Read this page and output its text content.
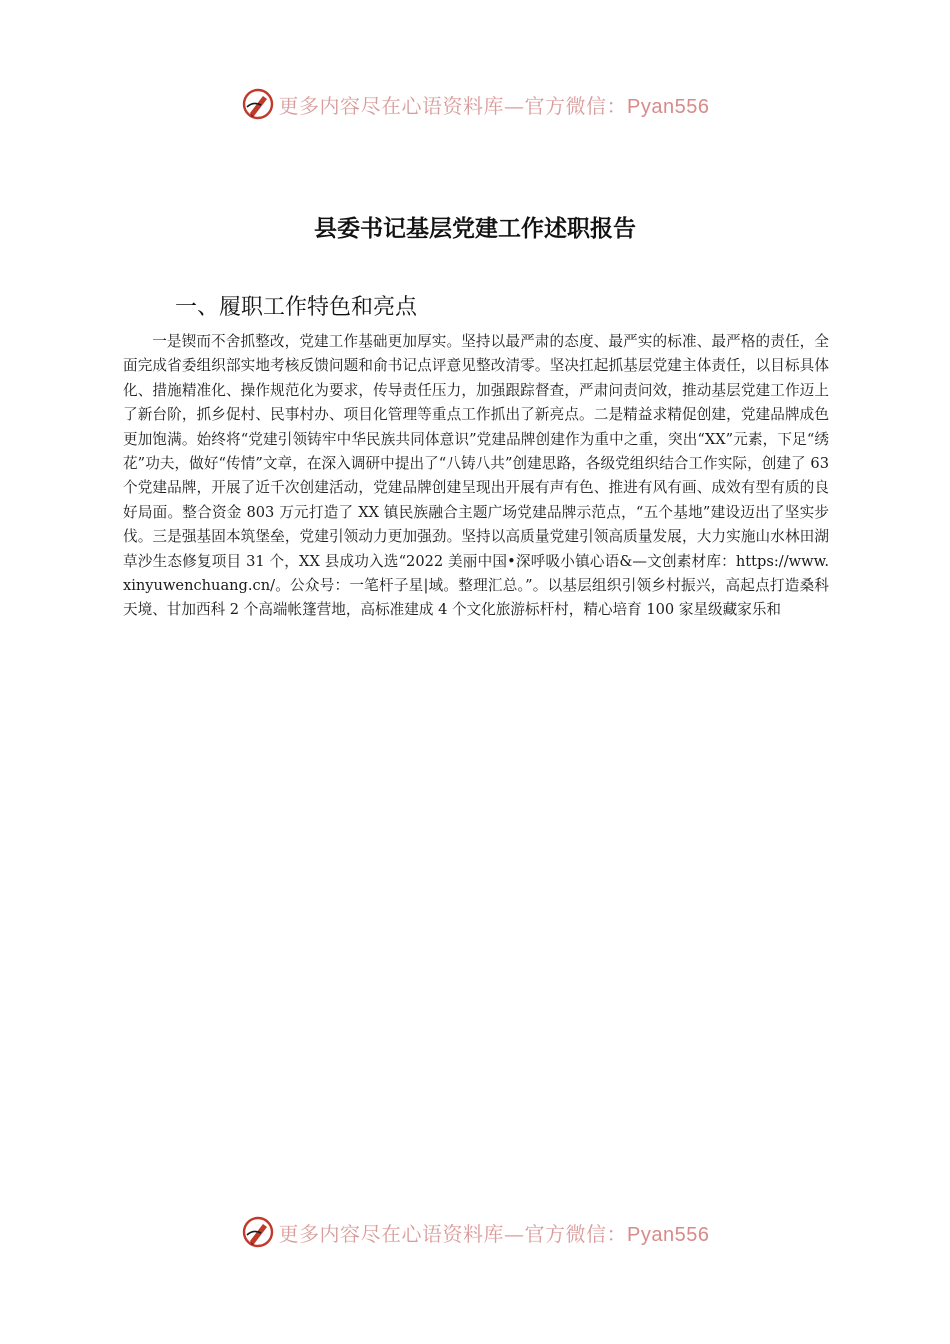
更多内容尽在心语资料库—官方微信：Pyan556
县委书记基层党建工作述职报告
一、履职工作特色和亮点

一是锲而不舍抓整改，党建工作基础更加厚实。坚持以最严肃的态度、最严实的标准、最严格的责任，全面完成省委组织部实地考核反馈问题和俞书记点评意见整改清零。坚决扛起抓基层党建主体责任，以目标具体化、措施精准化、操作规范化为要求，传导责任压力，加强跟踪督查，严肃问责问效，推动基层党建工作迈上了新台阶，抓乡促村、民事村办、项目化管理等重点工作抓出了新亮点。二是精益求精促创建，党建品牌成色更加饱满。始终将“党建引领铸牢中华民族共同体意识”党建品牌创建作为重中之重，突出“XX”元素，下足“绣花”功夫，做好“传情”文章，在深入调研中提出了“八铸八共”创建思路，各级党组织结合工作实际，创建了 63 个党建品牌，开展了近千次创建活动，党建品牌创建呈现出开展有声有色、推进有风有画、成效有型有质的良好局面。整合资金 803 万元打造了 XX 镇民族融合主题广场党建品牌示范点，“五个基地”建设迈出了坚实步伐。三是强基固本筑堡垒，党建引领动力更加强劲。坚持以高质量党建引领高质量发展，大力实施山水林田湖草沙生态修复项目 31 个，XX 县成功入选“2022 美丽中国•深呼吸小镇心语&—文创素材库：https://www.xinyuwenchuang.cn/。公众号：一笔杆子星|域。整理汇总。”。以基层组织引领乡村振兴，高起点打造桑科天境、甘加西科 2 个高端帐篷营地，高标准建成 4 个文化旅游标杆村，精心培育 100 家星级藏家乐和

更多内容尽在心语资料库—官方微信：Pyan556
